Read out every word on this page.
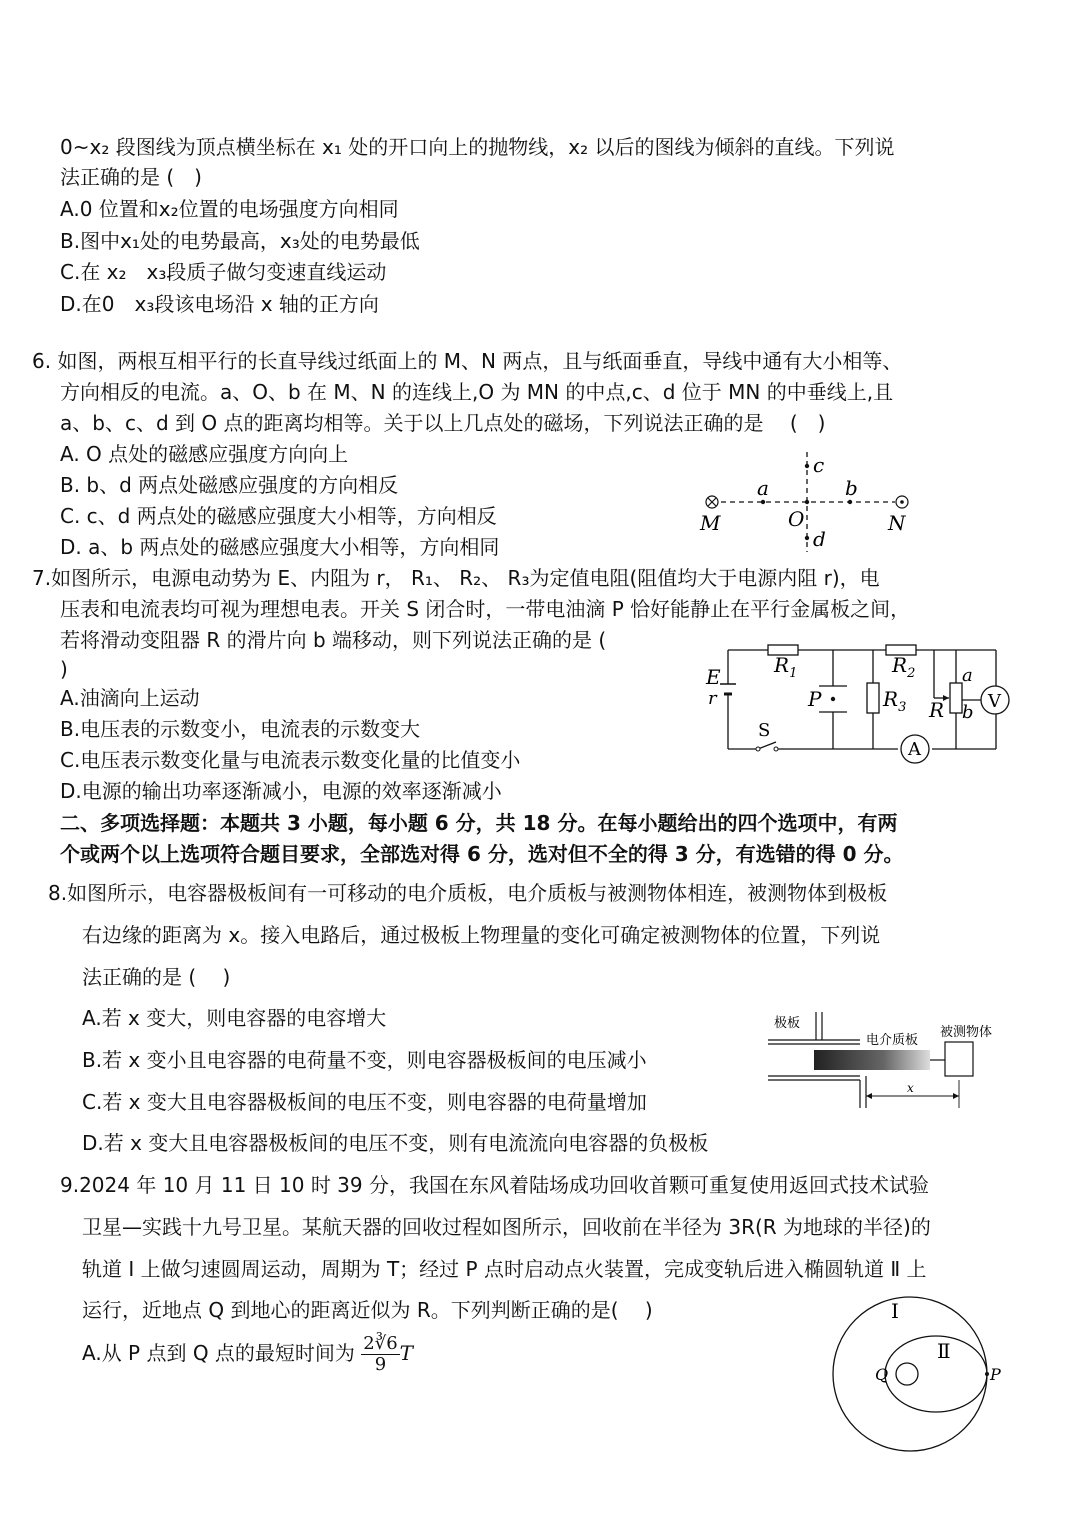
0~x₂ 段图线为顶点横坐标在 x₁ 处的开口向上的抛物线，x₂ 以后的图线为倾斜的直线。下列说
法正确的是 (　)
A.0 位置和x₂位置的电场强度方向相同
B.图中x₁处的电势最高，x₃处的电势最低
C.在 x₂　x₃段质子做匀变速直线运动
D.在0　x₃段该电场沿 x 轴的正方向
6. 如图，两根互相平行的长直导线过纸面上的 M、N 两点，且与纸面垂直，导线中通有大小相等、
方向相反的电流。a、O、b 在 M、N 的连线上,O 为 MN 的中点,c、d 位于 MN 的中垂线上,且
a、b、c、d 到 O 点的距离均相等。关于以上几点处的磁场，下列说法正确的是　 (　)
A. O 点处的磁感应强度方向向上
B. b、d 两点处磁感应强度的方向相反
C. c、d 两点处的磁感应强度大小相等，方向相反
D. a、b 两点处的磁感应强度大小相等，方向相同
M	N
O
a	b
c
d
7.如图所示，电源电动势为 E、内阻为 r， R₁、 R₂、 R₃为定值电阻(阻值均大于电源内阻 r)，电
压表和电流表均可视为理想电表。开关 S 闭合时，一带电油滴 P 恰好能静止在平行金属板之间，
若将滑动变阻器 R 的滑片向 b 端移动，则下列说法正确的是 (
)
A.油滴向上运动
B.电压表的示数变小，电流表的示数变大
C.电压表示数变化量与电流表示数变化量的比值变小
D.电源的输出功率逐渐减小，电源的效率逐渐减小
V
A
E
r
$R_1$	$R_2$
$R_3$
P	R
a
b
S
二、多项选择题：本题共 3 小题，每小题 6 分，共 18 分。在每小题给出的四个选项中，有两
个或两个以上选项符合题目要求，全部选对得 6 分，选对但不全的得 3 分，有选错的得 0 分。
8.如图所示，电容器极板间有一可移动的电介质板，电介质板与被测物体相连，被测物体到极板
右边缘的距离为 x。接入电路后，通过极板上物理量的变化可确定被测物体的位置，下列说
法正确的是 (　 )
A.若 x 变大，则电容器的电容增大
B.若 x 变小且电容器的电荷量不变，则电容器极板间的电压减小
C.若 x 变大且电容器极板间的电压不变，则电容器的电荷量增加
D.若 x 变大且电容器极板间的电压不变，则有电流流向电容器的负极板
极板
电介质板
被测物体
x
9.2024 年 10 月 11 日 10 时 39 分，我国在东风着陆场成功回收首颗可重复使用返回式技术试验
卫星—实践十九号卫星。某航天器的回收过程如图所示，回收前在半径为 3R(R 为地球的半径)的
轨道 Ⅰ 上做匀速圆周运动，周期为 T；经过 P 点时启动点火装置，完成变轨后进入椭圆轨道 Ⅱ 上
运行，近地点 Q 到地心的距离近似为 R。下列判断正确的是(　 )
A.从 P 点到 Q 点的最短时间为 $\frac{2∛6}{9}$ T
I
Ⅱ
Q	P
